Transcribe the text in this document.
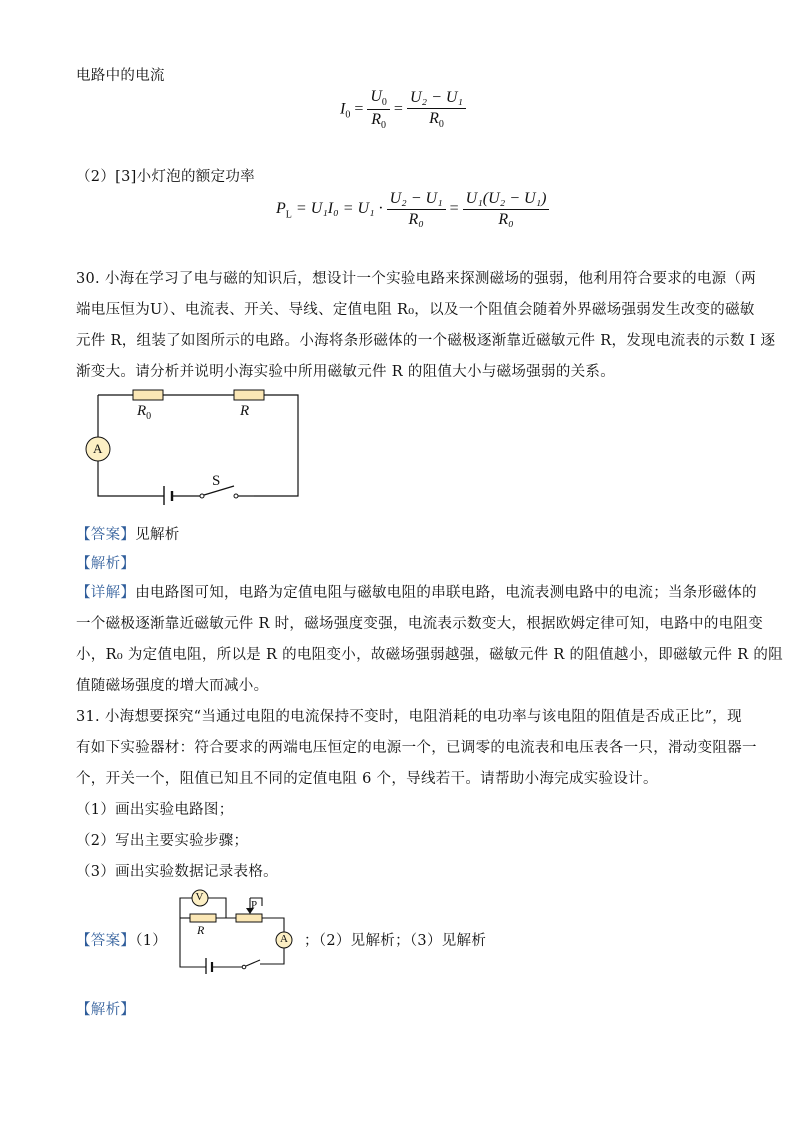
电路中的电流
$I_0 = \frac{U_0}{R_0} = \frac{\text{U₂ − U₁}}{R_0}$
（2）[3]小灯泡的额定功率
$P_L = U_1I_0 = U_1 \cdot \frac{\text{U₂ − U₁}}{\text{R₀}} = \frac{\text{U₁(U₂ − U₁)}}{\text{R₀}}$
30. 小海在学习了电与磁的知识后，想设计一个实验电路来探测磁场的强弱，他利用符合要求的电源（两
端电压恒为U）、电流表、开关、导线、定值电阻 R₀，以及一个阻值会随着外界磁场强弱发生改变的磁敏
元件 R，组装了如图所示的电路。小海将条形磁体的一个磁极逐渐靠近磁敏元件 R，发现电流表的示数 I 逐
渐变大。请分析并说明小海实验中所用磁敏元件 R 的阻值大小与磁场强弱的关系。
$R_0$	R
A
S
【答案】见解析
【解析】
【详解】由电路图可知，电路为定值电阻与磁敏电阻的串联电路，电流表测电路中的电流；当条形磁体的
一个磁极逐渐靠近磁敏元件 R 时，磁场强度变强，电流表示数变大，根据欧姆定律可知，电路中的电阻变
小，R₀ 为定值电阻，所以是 R 的电阻变小，故磁场强弱越强，磁敏元件 R 的阻值越小，即磁敏元件 R 的阻
值随磁场强度的增大而减小。
31. 小海想要探究“当通过电阻的电流保持不变时，电阻消耗的电功率与该电阻的阻值是否成正比”，现
有如下实验器材：符合要求的两端电压恒定的电源一个，已调零的电流表和电压表各一只，滑动变阻器一
个，开关一个，阻值已知且不同的定值电阻 6 个，导线若干。请帮助小海完成实验设计。
（1）画出实验电路图；
（2）写出主要实验步骤；
（3）画出实验数据记录表格。
【答案】（1）	；（2）见解析；（3）见解析
V
P
R
A
【解析】
